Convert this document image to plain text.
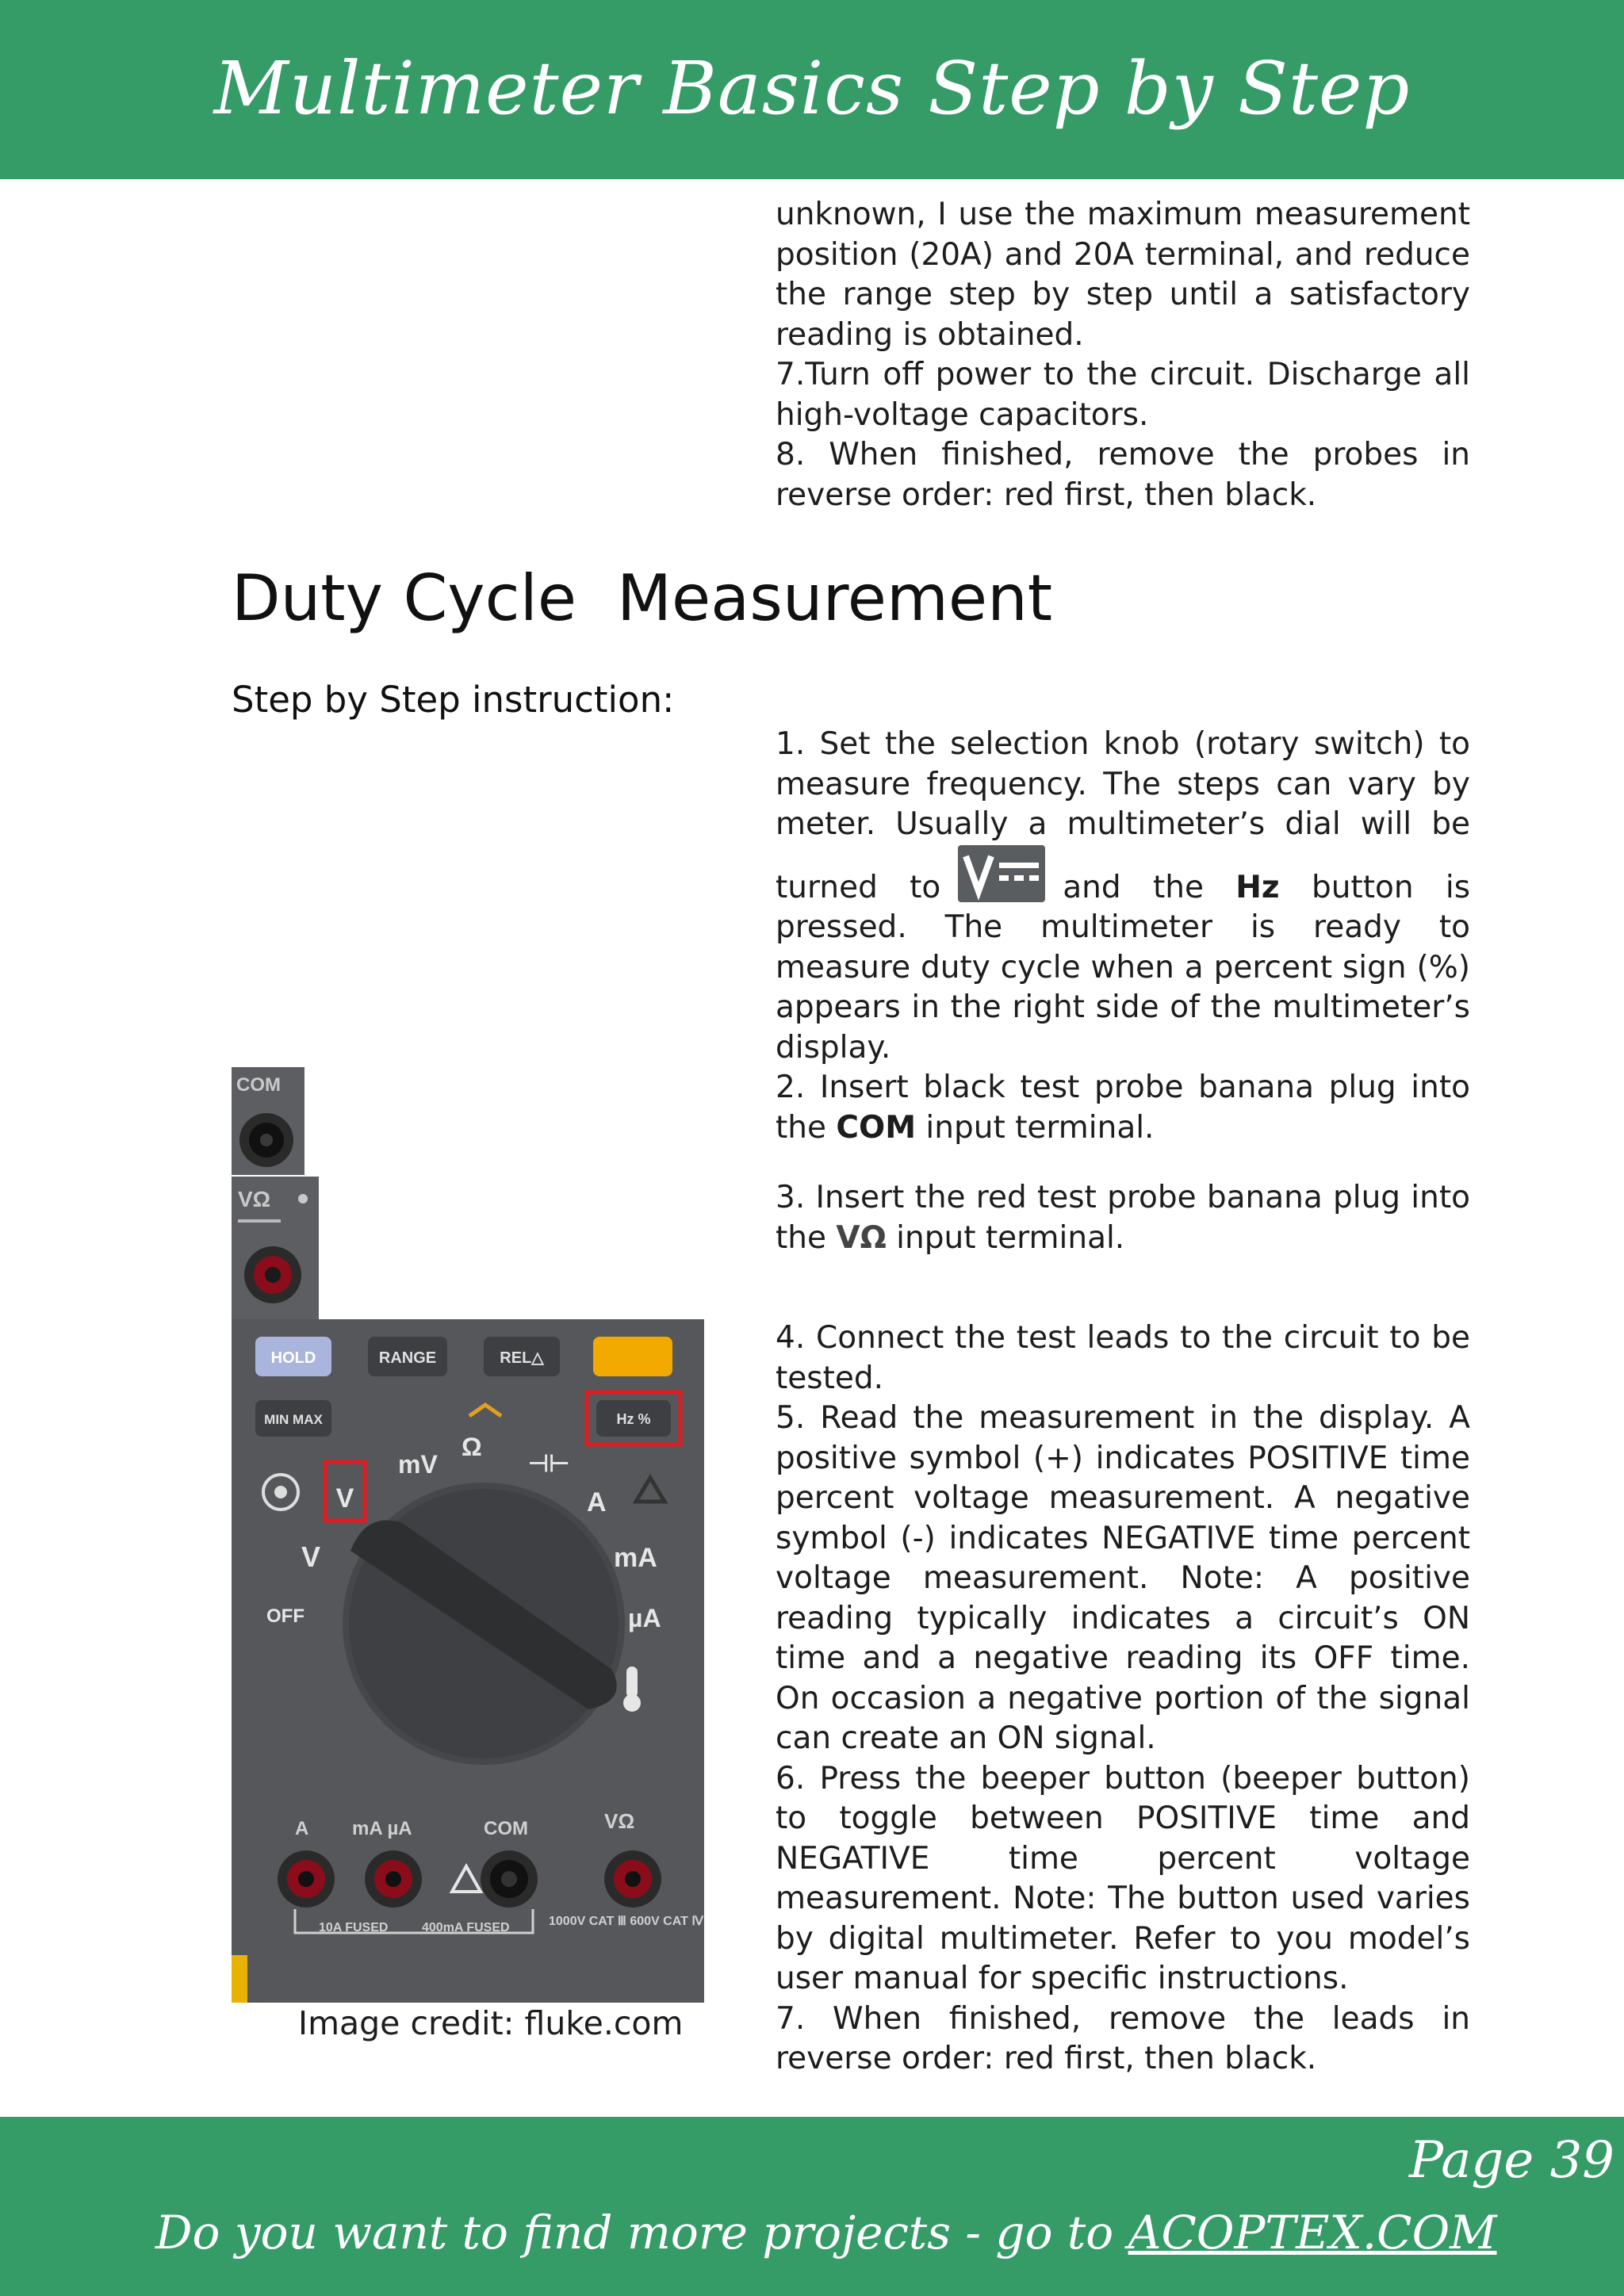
Multimeter Basics Step by Step

unknown, I use the maximum measurement position (20A) and 20A terminal, and reduce the range step by step until a satisfactory reading is obtained.

7.Turn off power to the circuit. Discharge all high-voltage capacitors.

8. When finished, remove the probes in reverse order: red first, then black.

Duty Cycle  Measurement
Step by Step instruction:

1. Set the selection knob (rotary switch) to measure frequency. The steps can vary by meter. Usually a multimeter’s dial will be turned to	and the Hz button is pressed. The multimeter is ready to measure duty cycle when a percent sign (%) appears in the right side of the multimeter’s display.

2. Insert black test probe banana plug into the COM input terminal.

3. Insert the red test probe banana plug into the VΩ input terminal.

4. Connect the test leads to the circuit to be tested.

5. Read the measurement in the display. A positive symbol (+) indicates POSITIVE time percent voltage measurement. A negative symbol (-) indicates NEGATIVE time percent voltage measurement. Note: A positive reading typically indicates a circuit’s ON time and a negative reading its OFF time. On occasion a negative portion of the signal can create an ON signal.

6. Press the beeper button (beeper button) to toggle between POSITIVE time and NEGATIVE time percent voltage measurement. Note: The button used varies by digital multimeter. Refer to you model’s user manual for specific instructions.

7. When finished, remove the leads in reverse order: red first, then black.

COM
VΩ
HOLD	RANGE	REL△
MIN MAX	Hz %
V
mV
Ω
⊣⊢
OFF
V
A
mA
µA
A mA µA	COM	VΩ
10A FUSED	400mA FUSED	1000V CAT Ⅲ 600V CAT Ⅳ
Image credit: fluke.com
Page 39
Do you want to find more projects - go to ACOPTEX.COM
